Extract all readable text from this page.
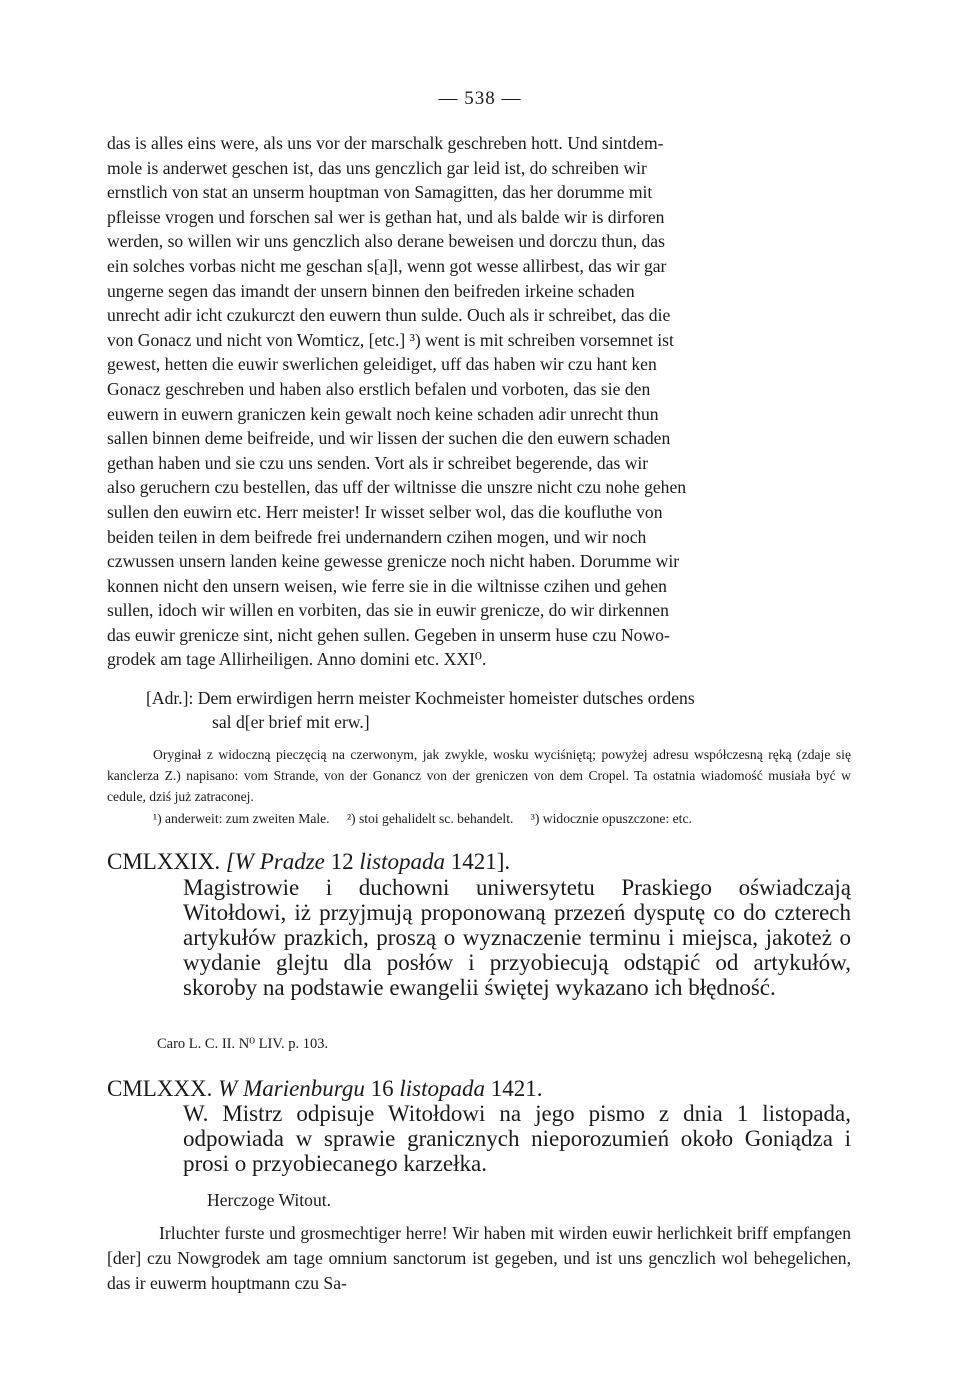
— 538 —

das is alles eins were, als uns vor der marschalk geschreben hott. Und sintdem-

mole is anderwet geschen ist, das uns genczlich gar leid ist, do schreiben wir

ernstlich von stat an unserm houptman von Samagitten, das her dorumme mit

pfleisse vrogen und forschen sal wer is gethan hat, und als balde wir is dirforen

werden, so willen wir uns genczlich also derane beweisen und dorczu thun, das

ein solches vorbas nicht me geschan s[a]l, wenn got wesse allirbest, das wir gar

ungerne segen das imandt der unsern binnen den beifreden irkeine schaden

unrecht adir icht czukurczt den euwern thun sulde. Ouch als ir schreibet, das die

von Gonacz und nicht von Womticz, [etc.] ³) went is mit schreiben vorsemnet ist

gewest, hetten die euwir swerlichen geleidiget, uff das haben wir czu hant ken

Gonacz geschreben und haben also erstlich befalen und vorboten, das sie den

euwern in euwern graniczen kein gewalt noch keine schaden adir unrecht thun

sallen binnen deme beifreide, und wir lissen der suchen die den euwern schaden

gethan haben und sie czu uns senden. Vort als ir schreibet begerende, das wir

also geruchern czu bestellen, das uff der wiltnisse die unszre nicht czu nohe gehen

sullen den euwirn etc. Herr meister! Ir wisset selber wol, das die koufluthe von

beiden teilen in dem beifrede frei undernandern czihen mogen, und wir noch

czwussen unsern landen keine gewesse grenicze noch nicht haben. Dorumme wir

konnen nicht den unsern weisen, wie ferre sie in die wiltnisse czihen und gehen

sullen, idoch wir willen en vorbiten, das sie in euwir grenicze, do wir dirkennen

das euwir grenicze sint, nicht gehen sullen. Gegeben in unserm huse czu Nowo-

grodek am tage Allirheiligen. Anno domini etc. XXI⁰.

[Adr.]: Dem erwirdigen herrn meister Kochmeister homeister dutsches ordens
sal d[er brief mit erw.]

Oryginał z widoczną pieczęcią na czerwonym, jak zwykle, wosku wyciśniętą; powyżej adresu współczesną ręką (zdaje się kanclerza Z.) napisano: vom Strande, von der Gonancz von der greniczen von dem Cropel. Ta ostatnia wiadomość musiała być w cedule, dziś już zatraconej.

¹) anderweit: zum zweiten Male. ²) stoi gehalidelt sc. behandelt. ³) widocznie opuszczone: etc.
CMLXXIX. [W Pradze 12 listopada 1421].
Magistrowie i duchowni uniwersytetu Praskiego oświadczają Witołdowi, iż przyjmują proponowaną przezeń dysputę co do czterech artykułów prazkich, proszą o wyznaczenie terminu i miejsca, jakoteż o wydanie glejtu dla posłów i przyobiecują odstąpić od artykułów, skoroby na podstawie ewangelii świętej wykazano ich błędność.
Caro L. C. II. N⁰ LIV. p. 103.
CMLXXX. W Marienburgu 16 listopada 1421.
W. Mistrz odpisuje Witołdowi na jego pismo z dnia 1 listopada, odpowiada w sprawie granicznych nieporozumień około Goniądza i prosi o przyobiecanego karzełka.
Herczoge Witout.

Irluchter furste und grosmechtiger herre! Wir haben mit wirden euwir herlichkeit briff empfangen [der] czu Nowgrodek am tage omnium sanctorum ist gegeben, und ist uns genczlich wol behegelichen, das ir euwerm houptmann czu Sa-
